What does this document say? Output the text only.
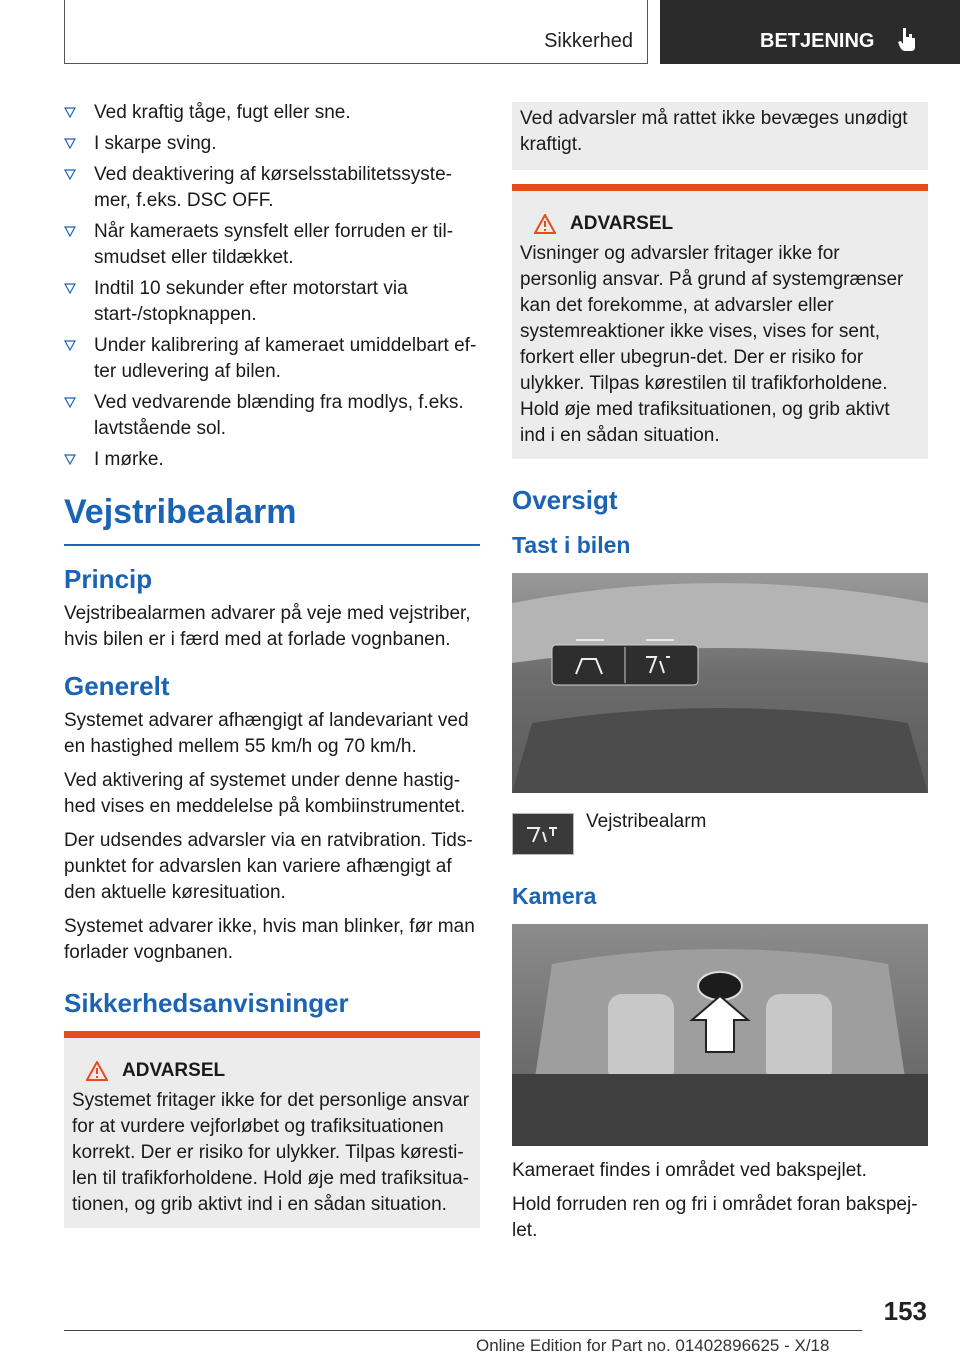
Sikkerhed	BETJENING
Ved kraftig tåge, fugt eller sne.
I skarpe sving.
Ved deaktivering af kørselsstabilitetssyste-mer, f.eks. DSC OFF.
Når kameraets synsfelt eller forruden er til-smudset eller tildækket.
Indtil 10 sekunder efter motorstart via start-/stopknappen.
Under kalibrering af kameraet umiddelbart ef-ter udlevering af bilen.
Ved vedvarende blænding fra modlys, f.eks. lavtstående sol.
I mørke.
Vejstribealarm
Princip

Vejstribealarmen advarer på veje med vejstriber, hvis bilen er i færd med at forlade vognbanen.

Generelt

Systemet advarer afhængigt af landevariant ved en hastighed mellem 55 km/h og 70 km/h.

Ved aktivering af systemet under denne hastig-hed vises en meddelelse på kombiinstrumentet.

Der udsendes advarsler via en ratvibration. Tids-punktet for advarslen kan variere afhængigt af den aktuelle køresituation.

Systemet advarer ikke, hvis man blinker, før man forlader vognbanen.

Sikkerhedsanvisninger
ADVARSEL
Systemet fritager ikke for det personlige ansvar for at vurdere vejforløbet og trafiksituationen korrekt. Der er risiko for ulykker. Tilpas køresti-len til trafikforholdene. Hold øje med trafiksitua-tionen, og grib aktivt ind i en sådan situation.
Ved advarsler må rattet ikke bevæges unødigt kraftigt.
ADVARSEL
Visninger og advarsler fritager ikke for personlig ansvar. På grund af systemgrænser kan det forekomme, at advarsler eller systemreaktioner ikke vises, vises for sent, forkert eller ubegrun-det. Der er risiko for ulykker. Tilpas kørestilen til trafikforholdene. Hold øje med trafiksituationen, og grib aktivt ind i en sådan situation.
Oversigt
Tast i bilen
Vejstribealarm
Kamera

Kameraet findes i området ved bakspejlet.

Hold forruden ren og fri i området foran bakspej-let.

153
Online Edition for Part no. 01402896625 - X/18
